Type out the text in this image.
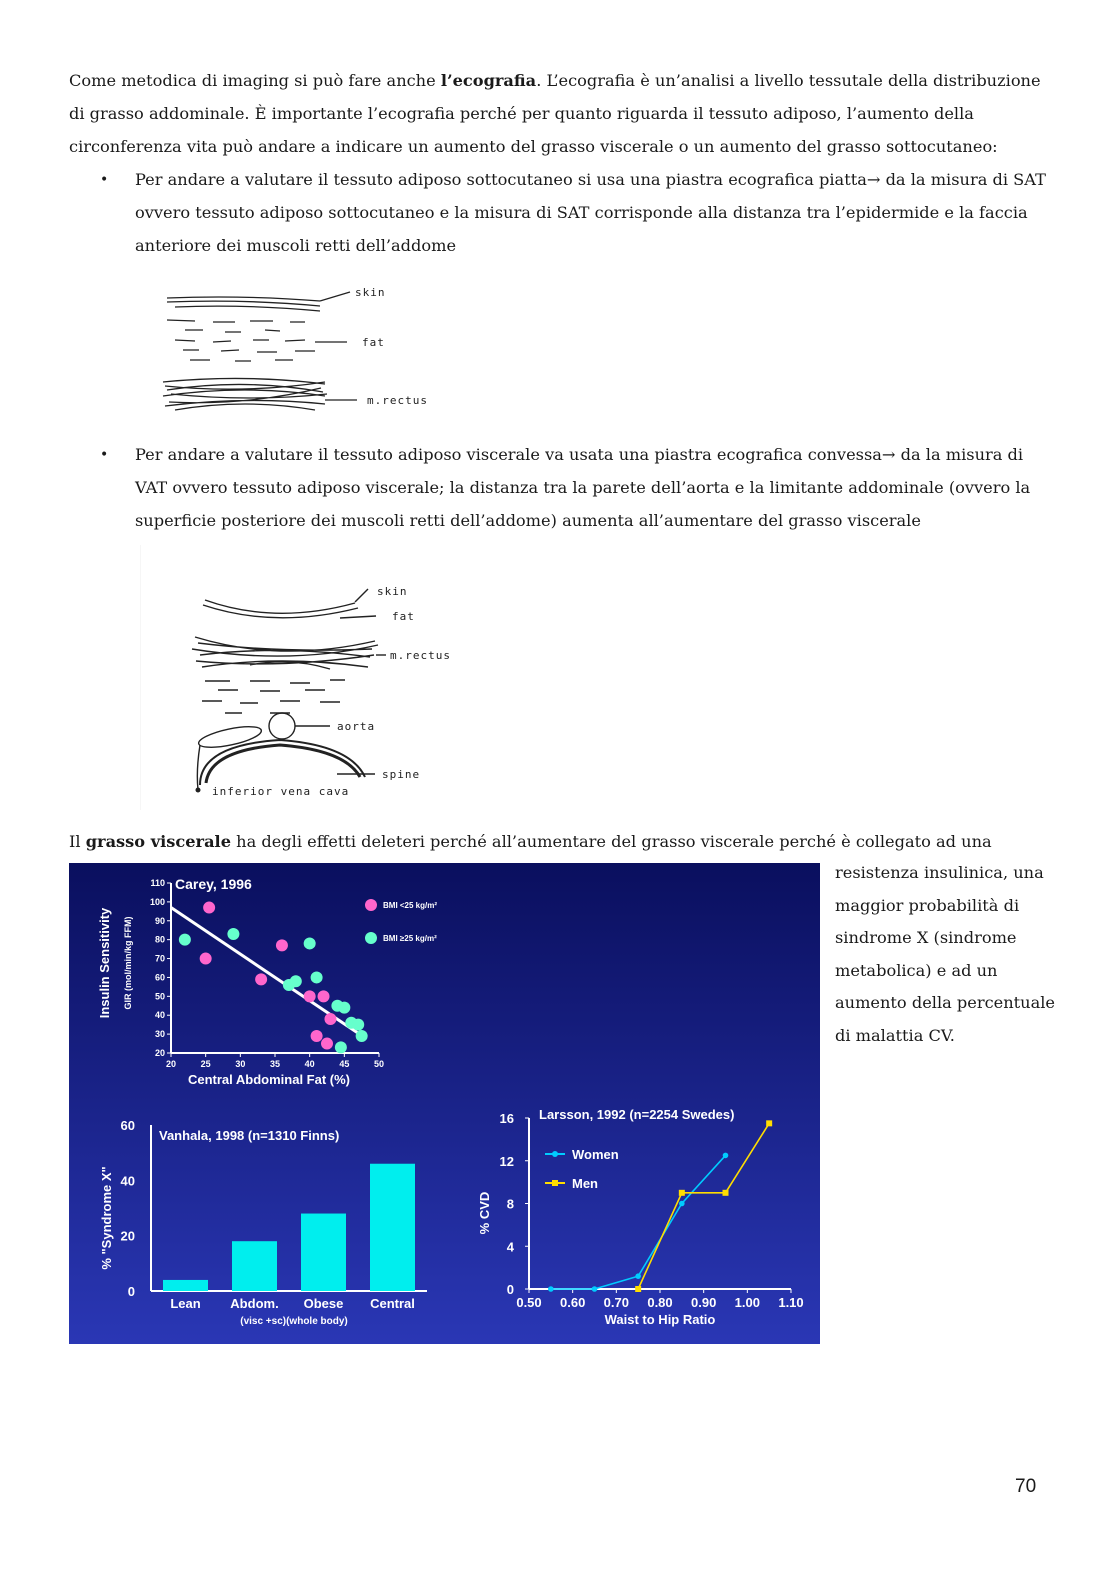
Come metodica di imaging si può fare anche l’ecografia. L’ecografia è un’analisi a livello tessutale della distribuzione di grasso addominale. È importante l’ecografia perché per quanto riguarda il tessuto adiposo, l’aumento della circonferenza vita può andare a indicare un aumento del grasso viscerale o un aumento del grasso sottocutaneo:

• Per andare a valutare il tessuto adiposo sottocutaneo si usa una piastra ecografica piatta→ da la misura di SAT ovvero tessuto adiposo sottocutaneo e la misura di SAT corrisponde alla distanza tra l’epidermide e la faccia anteriore dei muscoli retti dell’addome

skin
fat
m.rectus
• Per andare a valutare il tessuto adiposo viscerale va usata una piastra ecografica convessa→ da la misura di VAT ovvero tessuto adiposo viscerale; la distanza tra la parete dell’aorta e la limitante addominale (ovvero la superficie posteriore dei muscoli retti dell’addome) aumenta all’aumentare del grasso viscerale

skin
fat
m.rectus
aorta
spine
inferior vena cava

Il grasso viscerale ha degli effetti deleteri perché all’aumentare del grasso viscerale perché è collegato ad una

Carey, 1996
Insulin Sensitivity GIR (mol/min/kg FFM)
Central Abdominal Fat (%)
20
30
40
50
60
70
80
90
100
110
20	25	30	35	40	45	50
BMI <25 kg/m²
BMI ≥25 kg/m²
Vanhala, 1998 (n=1310 Finns)
% "Syndrome X"
(visc +sc)(whole body)
0
20
40
60
Lean Abdom. Obese Central
Larsson, 1992 (n=2254 Swedes)
% CVD
Waist to Hip Ratio
0
4
8
12
16
0.50 0.60 0.70 0.80 0.90 1.00 1.10
Women
Men

resistenza insulinica, una maggior probabilità di sindrome X (sindrome metabolica) e ad un aumento della percentuale di malattia CV.

70
